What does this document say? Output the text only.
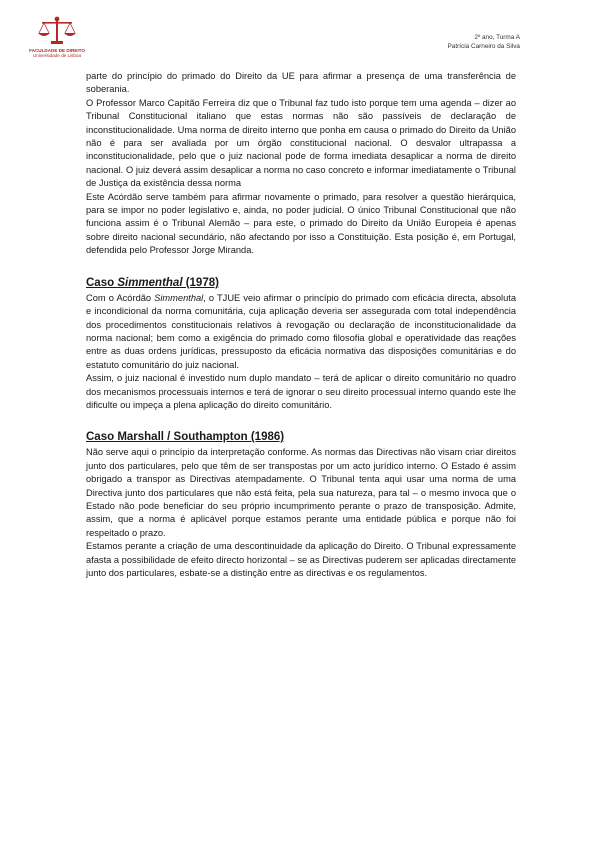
FACULDADE DE DIREITO
Universidade de Lisboa
2º ano, Turma A
Patrícia Carneiro da Silva

parte do princípio do primado do Direito da UE para afirmar a presença de uma transferência de soberania.

O Professor Marco Capitão Ferreira diz que o Tribunal faz tudo isto porque tem uma agenda – dizer ao Tribunal Constitucional italiano que estas normas não são passíveis de declaração de inconstitucionalidade. Uma norma de direito interno que ponha em causa o primado do Direito da União não é para ser avaliada por um órgão constitucional nacional. O desvalor ultrapassa a inconstitucionalidade, pelo que o juiz nacional pode de forma imediata desaplicar a norma de direito nacional. O juiz deverá assim desaplicar a norma no caso concreto e informar imediatamente o Tribunal de Justiça da existência dessa norma

Este Acórdão serve também para afirmar novamente o primado, para resolver a questão hierárquica, para se impor no poder legislativo e, ainda, no poder judicial. O único Tribunal Constitucional que não funciona assim é o Tribunal Alemão – para este, o primado do Direito da União Europeia é apenas sobre direito nacional secundário, não afectando por isso a Constituição. Esta posição é, em Portugal, defendida pelo Professor Jorge Miranda.

Caso Simmenthal (1978)

Com o Acórdão Simmenthal, o TJUE veio afirmar o princípio do primado com eficácia directa, absoluta e incondicional da norma comunitária, cuja aplicação deveria ser assegurada com total independência dos procedimentos constitucionais relativos à revogação ou declaração de inconstitucionalidade da norma nacional; bem como a exigência do primado como filosofia global e operatividade das reações entre as duas ordens jurídicas, pressuposto da eficácia normativa das disposições comunitárias e do estatuto comunitário do juiz nacional.

Assim, o juiz nacional é investido num duplo mandato – terá de aplicar o direito comunitário no quadro dos mecanismos processuais internos e terá de ignorar o seu direito processual interno quando este lhe dificulte ou impeça a plena aplicação do direito comunitário.

Caso Marshall / Southampton (1986)

Não serve aqui o princípio da interpretação conforme. As normas das Directivas não visam criar direitos junto dos particulares, pelo que têm de ser transpostas por um acto jurídico interno. O Estado é assim obrigado a transpor as Directivas atempadamente. O Tribunal tenta aqui usar uma norma de uma Directiva junto dos particulares que não está feita, pela sua natureza, para tal – o mesmo invoca que o Estado não pode beneficiar do seu próprio incumprimento perante o prazo de transposição. Admite, assim, que a norma é aplicável porque estamos perante uma entidade pública e porque não foi respeitado o prazo.

Estamos perante a criação de uma descontinuidade da aplicação do Direito. O Tribunal expressamente afasta a possibilidade de efeito directo horizontal – se as Directivas puderem ser aplicadas directamente junto dos particulares, esbate-se a distinção entre as directivas e os regulamentos.
